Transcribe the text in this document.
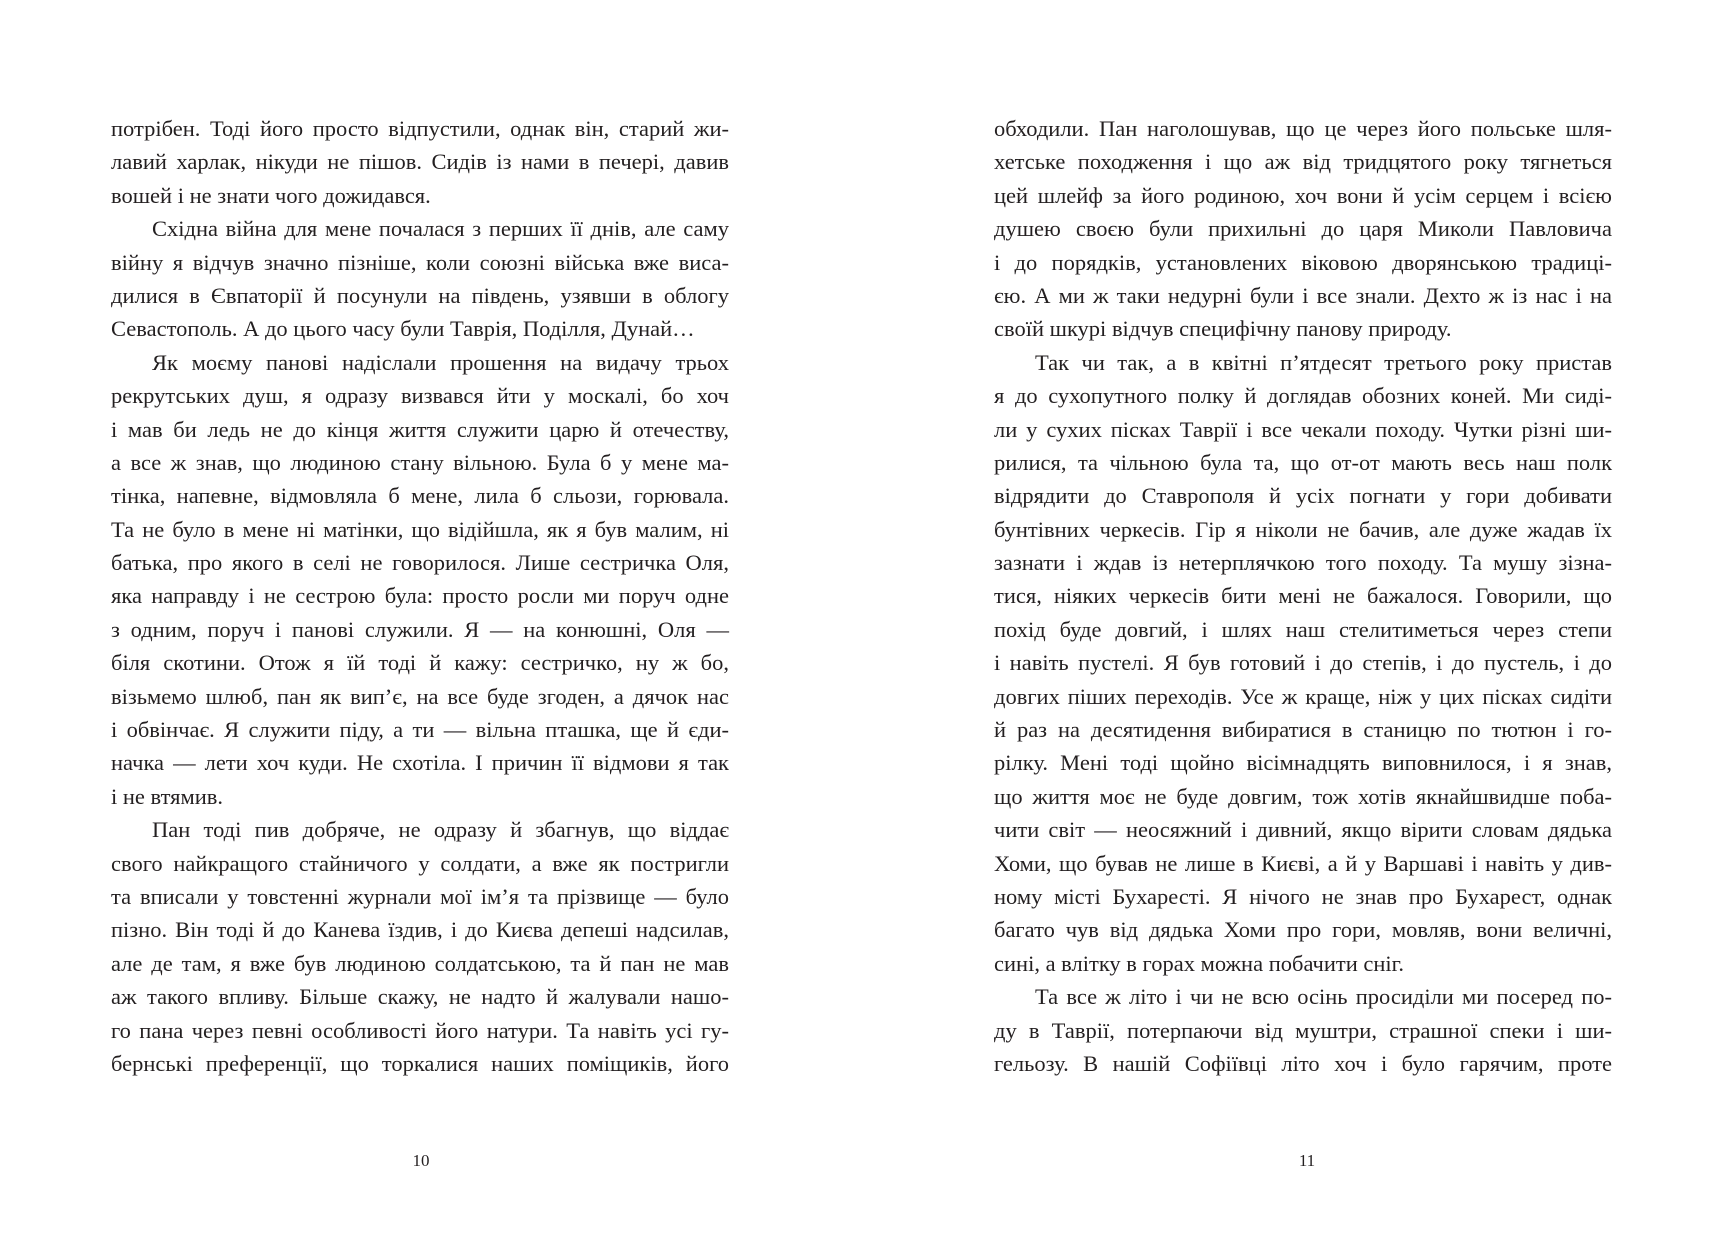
потрібен. Тоді його просто відпустили, однак він, старий жи-
лавий харлак, нікуди не пішов. Сидів із нами в печері, давив
вошей і не знати чого дожидався.
Східна війна для мене почалася з перших її днів, але саму
війну я відчув значно пізніше, коли союзні війська вже виса-
дилися в Євпаторії й посунули на південь, узявши в облогу
Севастополь. А до цього часу були Таврія, Поділля, Дунай…
Як моєму панові надіслали прошення на видачу трьох
рекрутських душ, я одразу визвався йти у москалі, бо хоч
і мав би ледь не до кінця життя служити царю й отечеству,
а все ж знав, що людиною стану вільною. Була б у мене ма-
тінка, напевне, відмовляла б мене, лила б сльози, горювала.
Та не було в мене ні матінки, що відійшла, як я був малим, ні
батька, про якого в селі не говорилося. Лише сестричка Оля,
яка направду і не сестрою була: просто росли ми поруч одне
з одним, поруч і панові служили. Я — на конюшні, Оля —
біля скотини. Отож я їй тоді й кажу: сестричко, ну ж бо,
візьмемо шлюб, пан як вип’є, на все буде згоден, а дячок нас
і обвінчає. Я служити піду, а ти — вільна пташка, ще й єди-
начка — лети хоч куди. Не схотіла. І причин її відмови я так
і не втямив.
Пан тоді пив добряче, не одразу й збагнув, що віддає
свого найкращого стайничого у солдати, а вже як постригли
та вписали у товстенні журнали мої ім’я та прізвище — було
пізно. Він тоді й до Канева їздив, і до Києва депеші надсилав,
але де там, я вже був людиною солдатською, та й пан не мав
аж такого впливу. Більше скажу, не надто й жалували нашо-
го пана через певні особливості його натури. Та навіть усі гу-
бернські преференції, що торкалися наших поміщиків, його
10
обходили. Пан наголошував, що це через його польське шля-
хетське походження і що аж від тридцятого року тягнеться
цей шлейф за його родиною, хоч вони й усім серцем і всією
душею своєю були прихильні до царя Миколи Павловича
і до порядків, установлених віковою дворянською традиці-
єю. А ми ж таки недурні були і все знали. Дехто ж із нас і на
своїй шкурі відчув специфічну панову природу.
Так чи так, а в квітні п’ятдесят третього року пристав
я до сухопутного полку й доглядав обозних коней. Ми сиді-
ли у сухих пісках Таврії і все чекали походу. Чутки різні ши-
рилися, та чільною була та, що от-от мають весь наш полк
відрядити до Ставрополя й усіх погнати у гори добивати
бунтівних черкесів. Гір я ніколи не бачив, але дуже жадав їх
зазнати і ждав із нетерплячкою того походу. Та мушу зізна-
тися, ніяких черкесів бити мені не бажалося. Говорили, що
похід буде довгий, і шлях наш стелитиметься через степи
і навіть пустелі. Я був готовий і до степів, і до пустель, і до
довгих піших переходів. Усе ж краще, ніж у цих пісках сидіти
й раз на десятидення вибиратися в станицю по тютюн і го-
рілку. Мені тоді щойно вісімнадцять виповнилося, і я знав,
що життя моє не буде довгим, тож хотів якнайшвидше поба-
чити світ — неосяжний і дивний, якщо вірити словам дядька
Хоми, що бував не лише в Києві, а й у Варшаві і навіть у див-
ному місті Бухаресті. Я нічого не знав про Бухарест, однак
багато чув від дядька Хоми про гори, мовляв, вони величні,
сині, а влітку в горах можна побачити сніг.
Та все ж літо і чи не всю осінь просиділи ми посеред по-
ду в Таврії, потерпаючи від муштри, страшної спеки і ши-
гельозу. В нашій Софіївці літо хоч і було гарячим, проте
11
